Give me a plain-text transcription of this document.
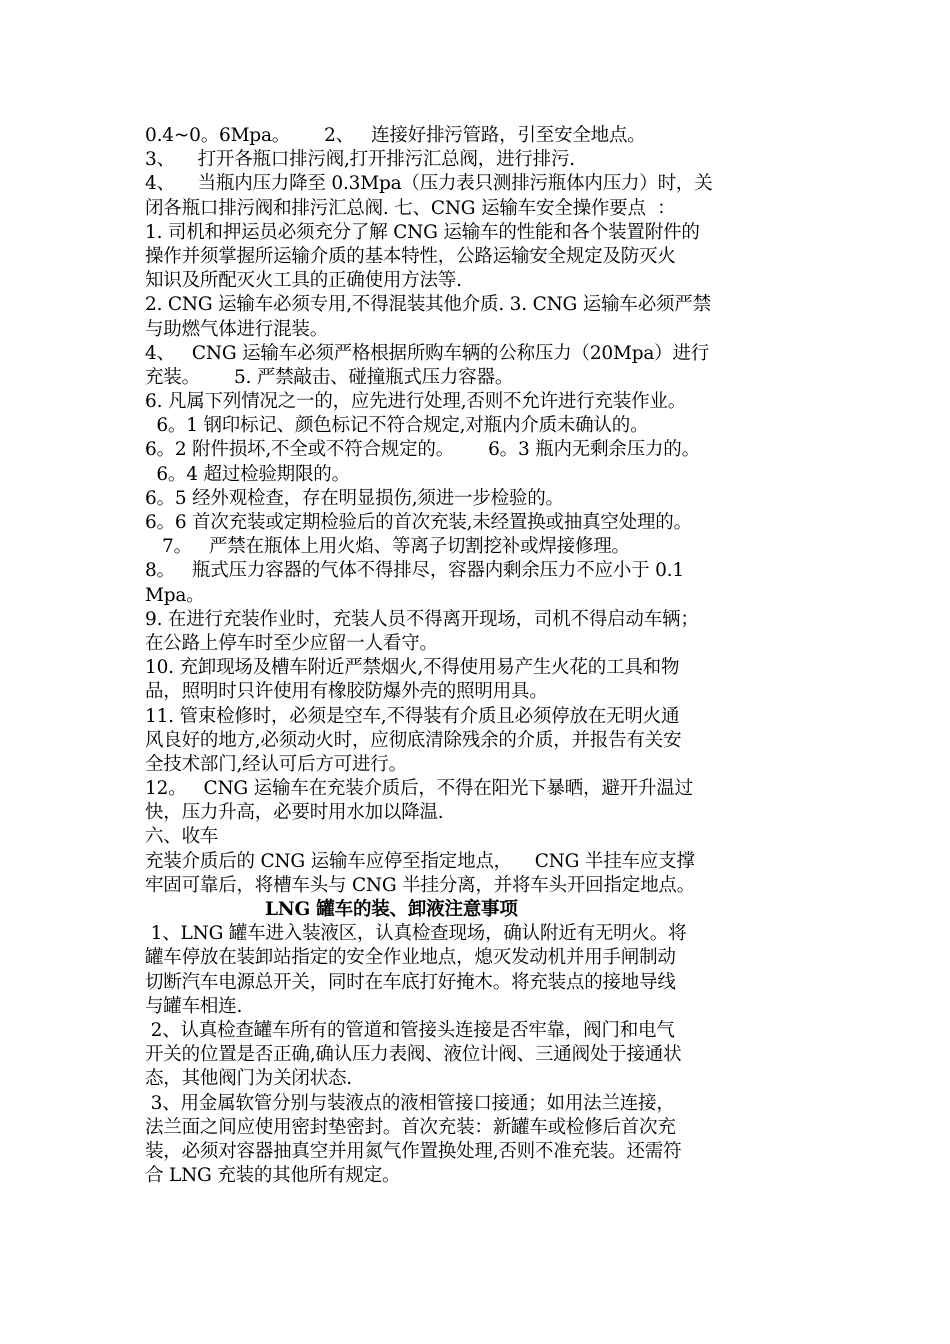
0.4~0。6Mpa。      2、   连接好排污管路，引至安全地点。
3、    打开各瓶口排污阀,打开排污汇总阀，进行排污.
4、    当瓶内压力降至 0.3Mpa（压力表只测排污瓶体内压力）时，关
闭各瓶口排污阀和排污汇总阀. 七、CNG 运输车安全操作要点  ：
1. 司机和押运员必须充分了解 CNG 运输车的性能和各个装置附件的
操作并须掌握所运输介质的基本特性，公路运输安全规定及防灭火
知识及所配灭火工具的正确使用方法等.
2. CNG 运输车必须专用,不得混装其他介质. 3. CNG 运输车必须严禁
与助燃气体进行混装。
4、   CNG 运输车必须严格根据所购车辆的公称压力（20Mpa）进行
充装。      5. 严禁敲击、碰撞瓶式压力容器。
6. 凡属下列情况之一的，应先进行处理,否则不允许进行充装作业。
6。1 钢印标记、颜色标记不符合规定,对瓶内介质未确认的。
6。2 附件损坏,不全或不符合规定的。      6。3 瓶内无剩余压力的。
6。4 超过检验期限的。
6。5 经外观检查，存在明显损伤,须进一步检验的。
6。6 首次充装或定期检验后的首次充装,未经置换或抽真空处理的。
7。   严禁在瓶体上用火焰、等离子切割挖补或焊接修理。
8。   瓶式压力容器的气体不得排尽，容器内剩余压力不应小于 0.1
Mpa。
9. 在进行充装作业时，充装人员不得离开现场，司机不得启动车辆；
在公路上停车时至少应留一人看守。
10. 充卸现场及槽车附近严禁烟火,不得使用易产生火花的工具和物
品，照明时只许使用有橡胶防爆外壳的照明用具。
11. 管束检修时，必须是空车,不得装有介质且必须停放在无明火通
风良好的地方,必须动火时，应彻底清除残余的介质，并报告有关安
全技术部门,经认可后方可进行。
12。   CNG 运输车在充装介质后，不得在阳光下暴晒，避开升温过
快，压力升高，必要时用水加以降温.
六、收车
充装介质后的 CNG 运输车应停至指定地点，    CNG 半挂车应支撑
牢固可靠后，将槽车头与 CNG 半挂分离，并将车头开回指定地点。
LNG 罐车的装、卸液注意事项
1、LNG 罐车进入装液区，认真检查现场，确认附近有无明火。将
罐车停放在装卸站指定的安全作业地点，熄灭发动机并用手闸制动
切断汽车电源总开关，同时在车底打好掩木。将充装点的接地导线
与罐车相连.
2、认真检查罐车所有的管道和管接头连接是否牢靠，阀门和电气
开关的位置是否正确,确认压力表阀、液位计阀、三通阀处于接通状
态，其他阀门为关闭状态.
3、用金属软管分别与装液点的液相管接口接通；如用法兰连接，
法兰面之间应使用密封垫密封。首次充装：新罐车或检修后首次充
装，必须对容器抽真空并用氮气作置换处理,否则不准充装。还需符
合 LNG 充装的其他所有规定。
